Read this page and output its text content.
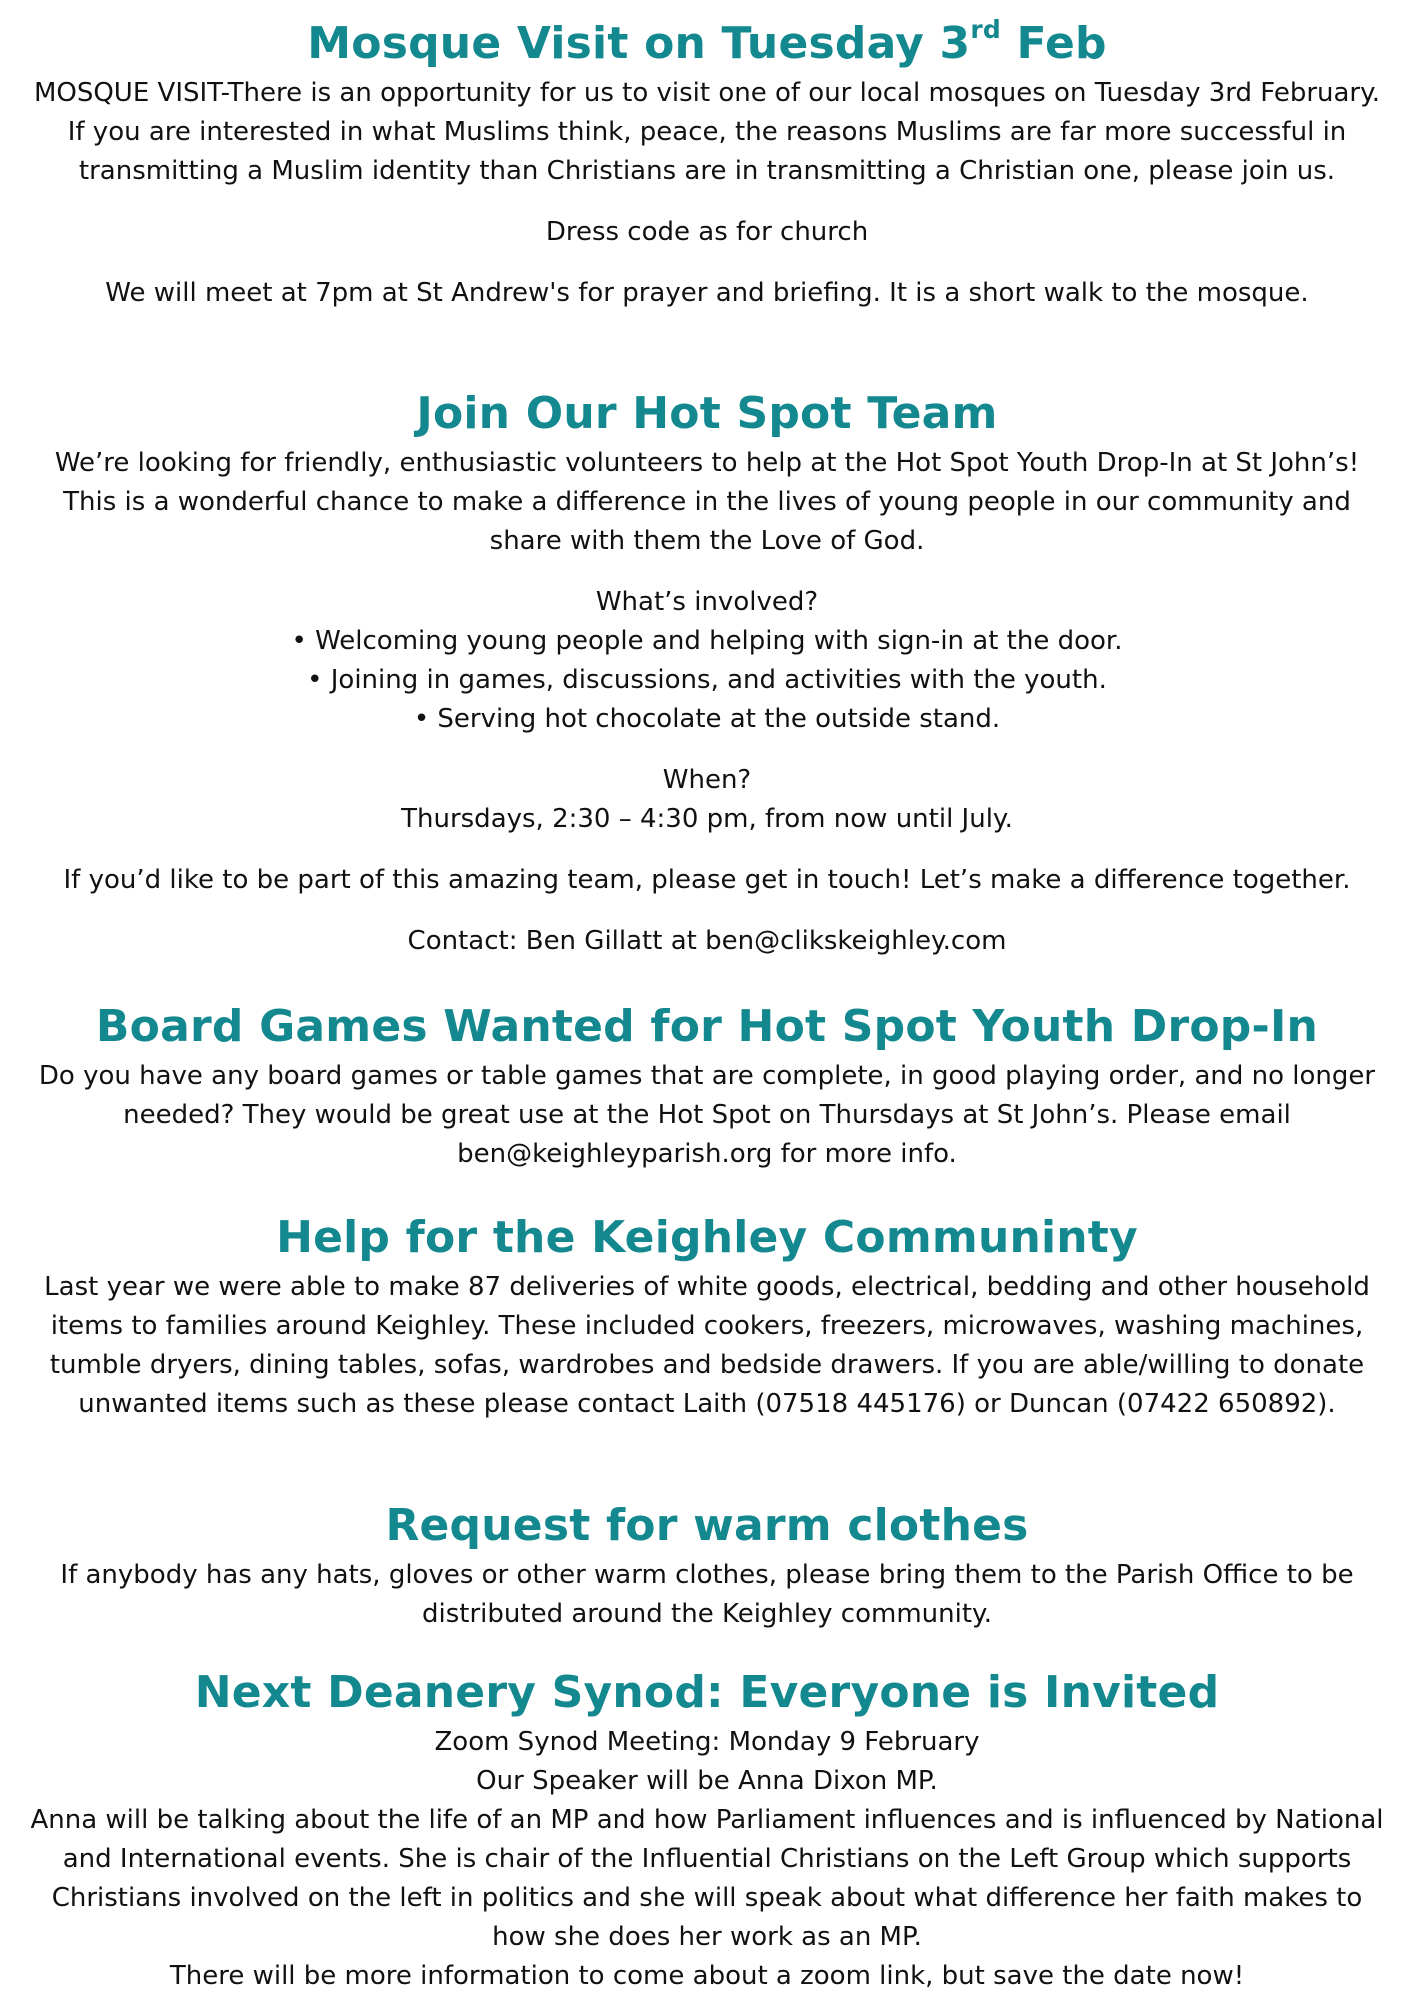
Mosque Visit on Tuesday 3rd Feb

MOSQUE VISIT-There is an opportunity for us to visit one of our local mosques on Tuesday 3rd February. If you are interested in what Muslims think, peace, the reasons Muslims are far more successful in transmitting a Muslim identity than Christians are in transmitting a Christian one, please join us.

Dress code as for church

We will meet at 7pm at St Andrew's for prayer and briefing. It is a short walk to the mosque.

Join Our Hot Spot Team

We’re looking for friendly, enthusiastic volunteers to help at the Hot Spot Youth Drop-In at St John’s! This is a wonderful chance to make a difference in the lives of young people in our community and share with them the Love of God.

What’s involved?

• Welcoming young people and helping with sign-in at the door.

• Joining in games, discussions, and activities with the youth.

• Serving hot chocolate at the outside stand.

When?

Thursdays, 2:30 – 4:30 pm, from now until July.

If you’d like to be part of this amazing team, please get in touch! Let’s make a difference together.

Contact: Ben Gillatt at ben@clikskeighley.com

Board Games Wanted for Hot Spot Youth Drop-In

Do you have any board games or table games that are complete, in good playing order, and no longer needed? They would be great use at the Hot Spot on Thursdays at St John’s. Please email ben@keighleyparish.org for more info.

Help for the Keighley Communinty

Last year we were able to make 87 deliveries of white goods, electrical, bedding and other household items to families around Keighley. These included cookers, freezers, microwaves, washing machines, tumble dryers, dining tables, sofas, wardrobes and bedside drawers. If you are able/willing to donate unwanted items such as these please contact Laith (07518 445176) or Duncan (07422 650892).

Request for warm clothes

If anybody has any hats, gloves or other warm clothes, please bring them to the Parish Office to be distributed around the Keighley community.

Next Deanery Synod: Everyone is Invited

Zoom Synod Meeting: Monday 9 February

Our Speaker will be Anna Dixon MP.

Anna will be talking about the life of an MP and how Parliament influences and is influenced by National and International events. She is chair of the Influential Christians on the Left Group which supports Christians involved on the left in politics and she will speak about what difference her faith makes to how she does her work as an MP.

There will be more information to come about a zoom link, but save the date now!
